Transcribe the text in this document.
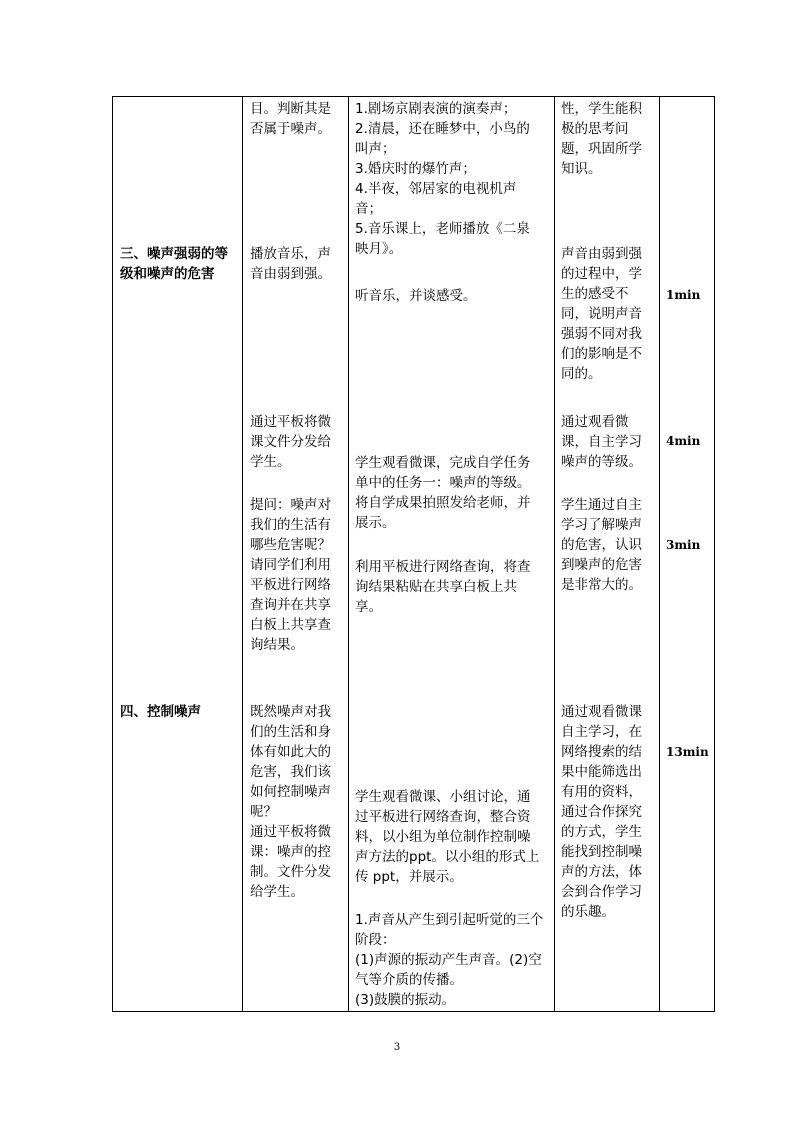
三、噪声强弱的等
级和噪声的危害
四、控制噪声
目。判断其是
否属于噪声。
播放音乐，声
音由弱到强。
通过平板将微
课文件分发给
学生。
提问：噪声对
我们的生活有
哪些危害呢？
请同学们利用
平板进行网络
查询并在共享
白板上共享查
询结果。
既然噪声对我
们的生活和身
体有如此大的
危害，我们该
如何控制噪声
呢？
通过平板将微
课：噪声的控
制。文件分发
给学生。
1.剧场京剧表演的演奏声；
2.清晨，还在睡梦中，小鸟的
叫声；
3.婚庆时的爆竹声；
4.半夜，邻居家的电视机声
音；
5.音乐课上，老师播放《二泉
映月》。
听音乐，并谈感受。
学生观看微课，完成自学任务
单中的任务一：噪声的等级。
将自学成果拍照发给老师，并
展示。
利用平板进行网络查询，将查
询结果粘贴在共享白板上共
享。
学生观看微课、小组讨论，通
过平板进行网络查询，整合资
料，以小组为单位制作控制噪
声方法的ppt。以小组的形式上
传 ppt，并展示。
1.声音从产生到引起听觉的三个
阶段：
(1)声源的振动产生声音。(2)空
气等介质的传播。
(3)鼓膜的振动。
性，学生能积
极的思考问
题，巩固所学
知识。
声音由弱到强
的过程中，学
生的感受不
同，说明声音
强弱不同对我
们的影响是不
同的。
通过观看微
课，自主学习
噪声的等级。
学生通过自主
学习了解噪声
的危害，认识
到噪声的危害
是非常大的。
通过观看微课
自主学习，在
网络搜索的结
果中能筛选出
有用的资料，
通过合作探究
的方式，学生
能找到控制噪
声的方法，体
会到合作学习
的乐趣。
1min
4min
3min
13min
3
